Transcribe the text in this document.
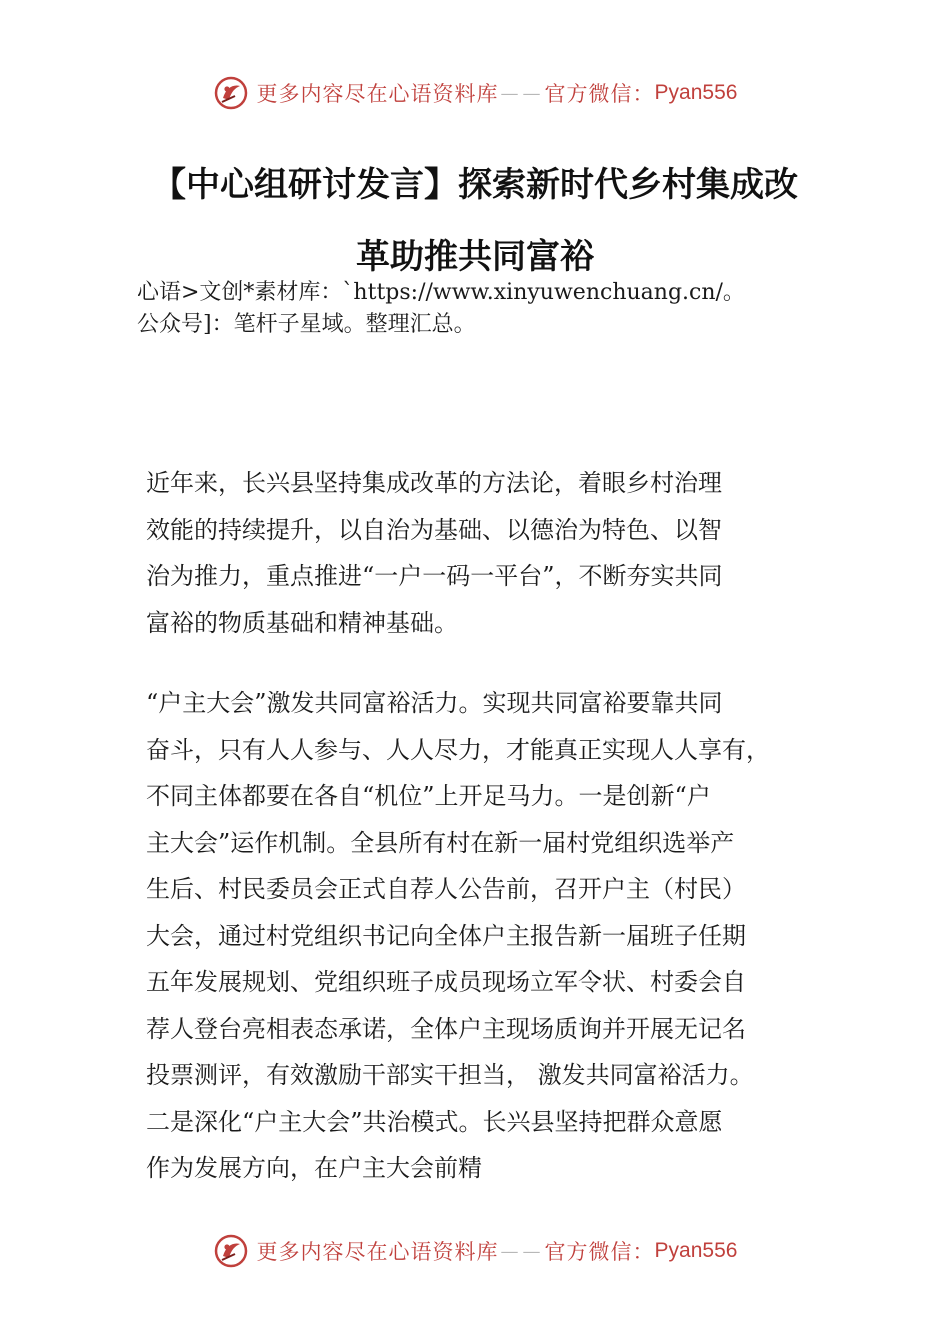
更多内容尽在心语资料库 —— 官方微信： Pyan556
【中心组研讨发言】探索新时代乡村集成改
革助推共同富裕

心语>文创*素材库：`https://www.xinyuwenchuang.cn/。

公众号]：笔杆子星域。整理汇总。

近年来，长兴县坚持集成改革的方法论，着眼乡村治理
效能的持续提升，以自治为基础、以德治为特色、以智
治为推力，重点推进“一户一码一平台”，不断夯实共同
富裕的物质基础和精神基础。

“户主大会”激发共同富裕活力。实现共同富裕要靠共同
奋斗，只有人人参与、人人尽力，才能真正实现人人享有，
不同主体都要在各自“机位”上开足马力。一是创新“户
主大会”运作机制。全县所有村在新一届村党组织选举产
生后、村民委员会正式自荐人公告前，召开户主（村民）
大会，通过村党组织书记向全体户主报告新一届班子任期
五年发展规划、党组织班子成员现场立军令状、村委会自
荐人登台亮相表态承诺，全体户主现场质询并开展无记名
投票测评，有效激励干部实干担当， 激发共同富裕活力。
二是深化“户主大会”共治模式。长兴县坚持把群众意愿
作为发展方向，在户主大会前精

更多内容尽在心语资料库 —— 官方微信： Pyan556
